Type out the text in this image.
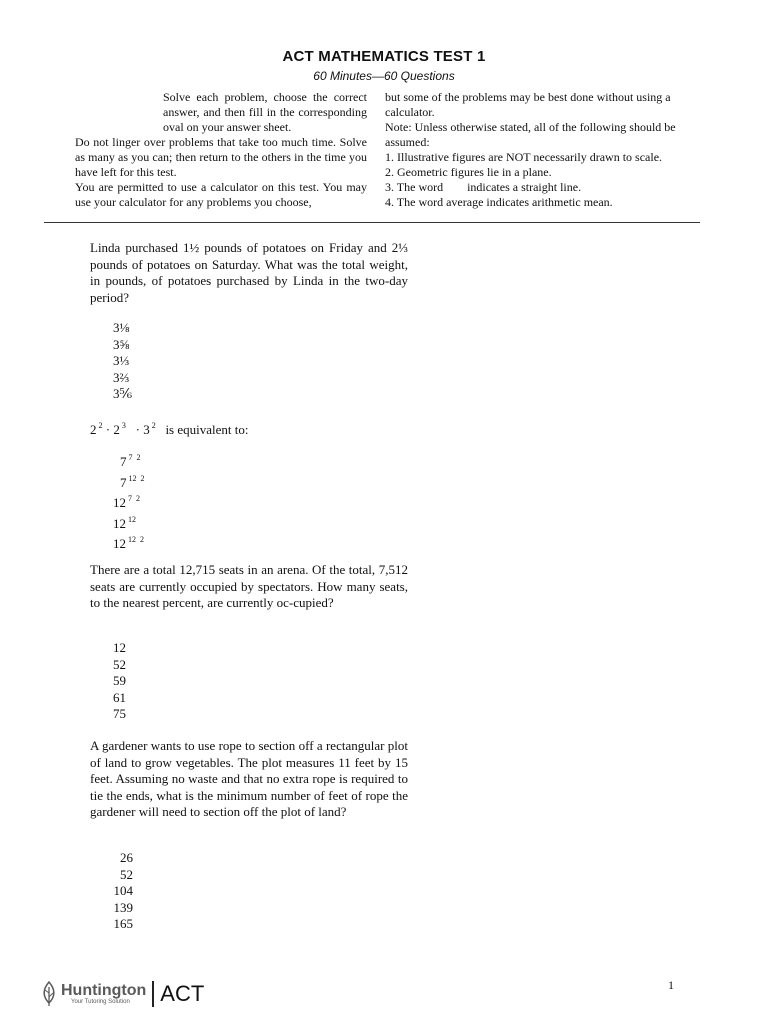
ACT MATHEMATICS TEST 1
60 Minutes—60 Questions
Solve each problem, choose the correct answer, and then fill in the corresponding oval on your answer sheet.
Do not linger over problems that take too much time. Solve as many as you can; then return to the others in the time you have left for this test.
You are permitted to use a calculator on this test. You may use your calculator for any problems you choose,
but some of the problems may be best done without using a calculator.
Note: Unless otherwise stated, all of the following should be assumed:
1. Illustrative figures are NOT necessarily drawn to scale.
2. Geometric figures lie in a plane.
3. The word        indicates a straight line.
4. The word average indicates arithmetic mean.
Linda purchased 1½ pounds of potatoes on Friday and 2⅓ pounds of potatoes on Saturday. What was the total weight, in pounds, of potatoes purchased by Linda in the two-day period?
3⅛
3⅝
3⅓
3⅔
3⅚
2 $^2$ · 2 $^3$ · 3 $^2$ is equivalent to:
7 $^{7 2}$
7 $^{12 2}$
12 $^{7 2}$
12 $^{12}$
12 $^{12 2}$
There are a total 12,715 seats in an arena. Of the total, 7,512 seats are currently occupied by spectators. How many seats, to the nearest percent, are currently oc-cupied?
12
52
59
61
75
A gardener wants to use rope to section off a rectangular plot of land to grow vegetables. The plot measures 11 feet by 15 feet. Assuming no waste and that no extra rope is required to tie the ends, what is the minimum number of feet of rope the gardener will need to section off the plot of land?
26
52
104
139
165
Huntington
Your Tutoring Solution	ACT	1
